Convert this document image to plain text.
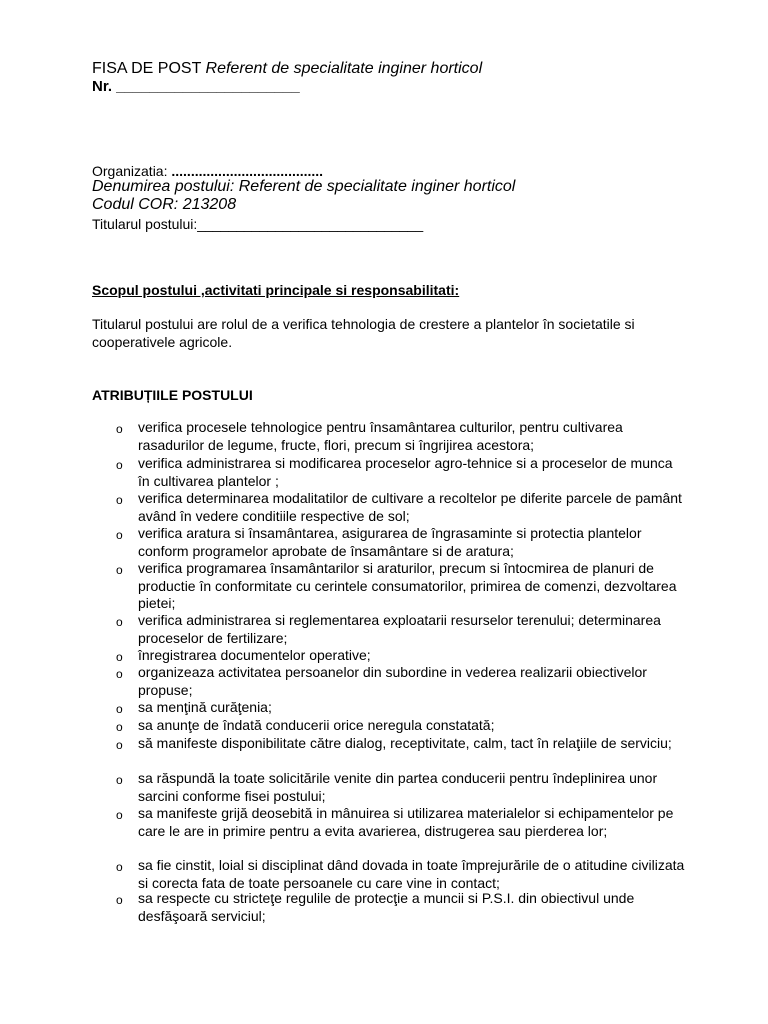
FISA DE POST Referent de specialitate inginer horticol
Nr. ______________________
Organizatia: .......................................
Denumirea postului: Referent de specialitate inginer horticol
Codul COR: 213208
Titularul postului:_____________________________
Scopul postului ,activitati principale si responsabilitati:
Titularul postului are rolul de a verifica tehnologia de crestere a plantelor în societatile si cooperativele agricole.
ATRIBUȚIILE POSTULUI
o verifica procesele tehnologice pentru însamântarea culturilor, pentru cultivarea rasadurilor de legume, fructe, flori, precum si îngrijirea acestora;
o verifica administrarea si modificarea proceselor agro-tehnice si a proceselor de munca în cultivarea plantelor ;
o verifica determinarea modalitatilor de cultivare a recoltelor pe diferite parcele de pamânt având în vedere conditiile respective de sol;
o verifica aratura si însamântarea, asigurarea de îngrasaminte si protectia plantelor conform programelor aprobate de însamântare si de aratura;
o verifica programarea însamântarilor si araturilor, precum si întocmirea de planuri de productie în conformitate cu cerintele consumatorilor, primirea de comenzi, dezvoltarea pietei;
o verifica administrarea si reglementarea exploatarii resurselor terenului; determinarea proceselor de fertilizare;
o înregistrarea documentelor operative;
o organizeaza activitatea persoanelor din subordine in vederea realizarii obiectivelor propuse;
o sa menţină curăţenia;
o sa anunţe de îndată conducerii orice neregula constatată;
o să manifeste disponibilitate către dialog, receptivitate, calm, tact în relaţiile de serviciu;
o sa răspundă la toate solicitările venite din partea conducerii pentru îndeplinirea unor sarcini conforme fisei postului;
o sa manifeste grijă deosebită in mânuirea si utilizarea materialelor si echipamentelor pe care le are in primire pentru a evita avarierea, distrugerea sau pierderea lor;
o sa fie cinstit, loial si disciplinat dând dovada in toate împrejurările de o atitudine civilizata si corecta fata de toate persoanele cu care vine in contact;
o sa respecte cu stricteţe regulile de protecţie a muncii si P.S.I. din obiectivul unde desfăşoară serviciul;
